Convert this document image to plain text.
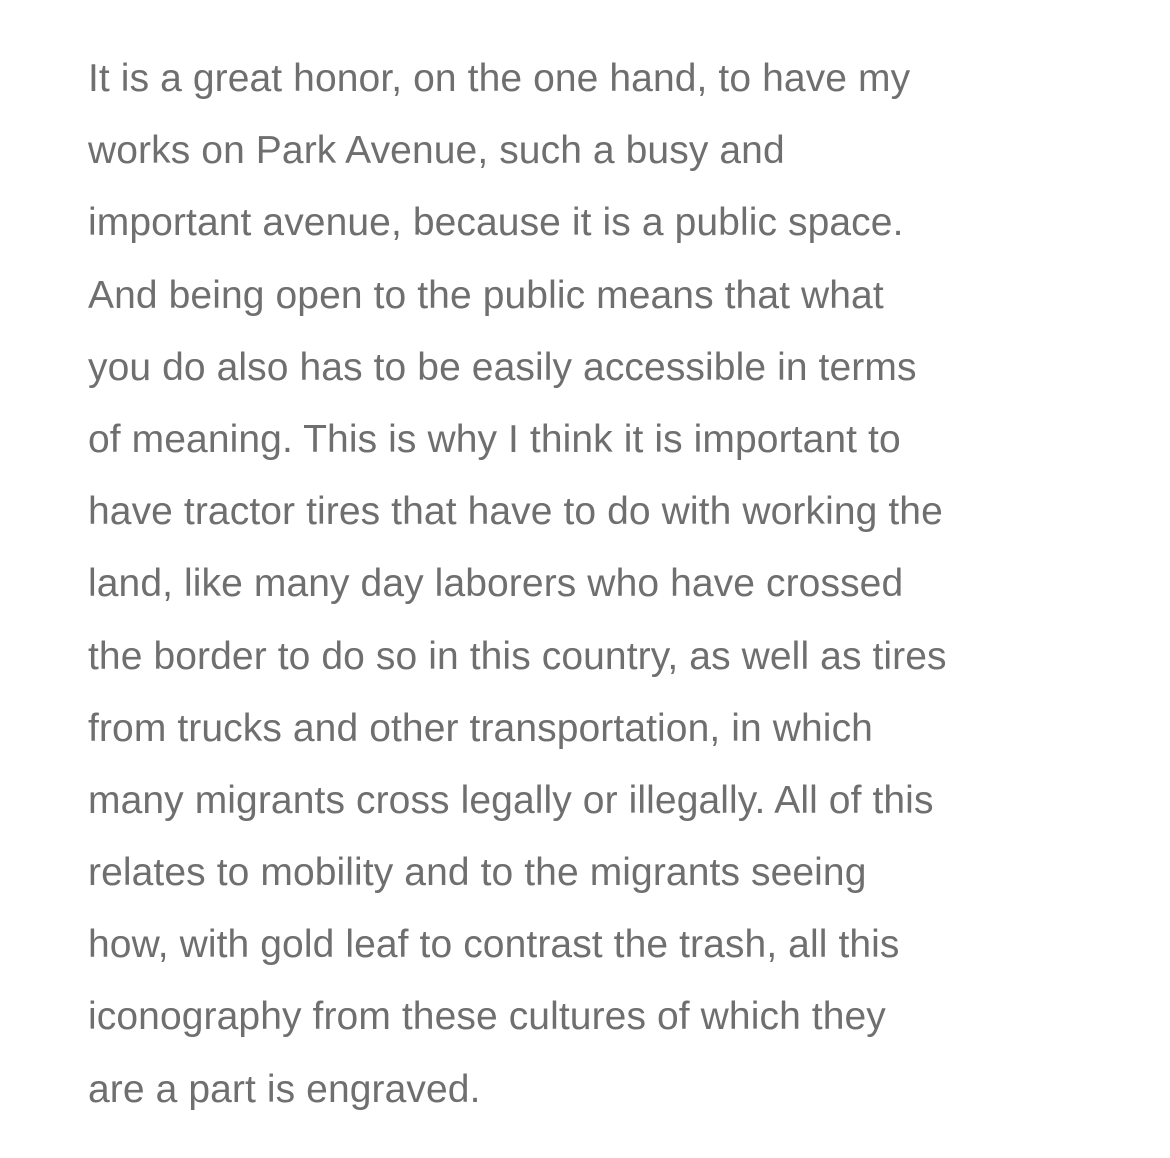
It is a great honor, on the one hand, to have my
works on Park Avenue, such a busy and
important avenue, because it is a public space.
And being open to the public means that what
you do also has to be easily accessible in terms
of meaning. This is why I think it is important to
have tractor tires that have to do with working the
land, like many day laborers who have crossed
the border to do so in this country, as well as tires
from trucks and other transportation, in which
many migrants cross legally or illegally. All of this
relates to mobility and to the migrants seeing
how, with gold leaf to contrast the trash, all this
iconography from these cultures of which they
are a part is engraved.
